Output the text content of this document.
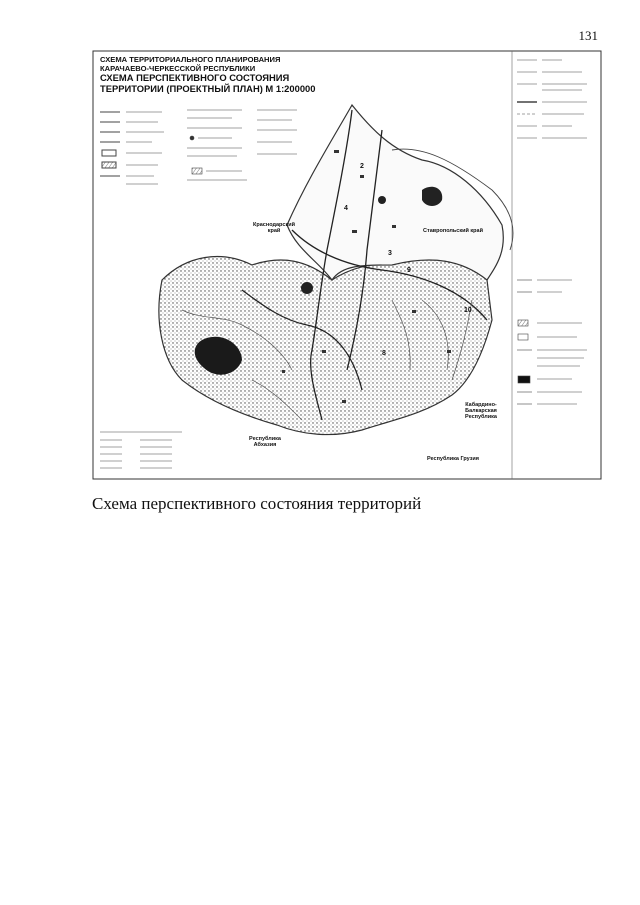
131
2
4
3
9
10
8
СХЕМА ТЕРРИТОРИАЛЬНОГО ПЛАНИРОВАНИЯ
КАРАЧАЕВО-ЧЕРКЕССКОЙ РЕСПУБЛИКИ
СХЕМА ПЕРСПЕКТИВНОГО СОСТОЯНИЯ
ТЕРРИТОРИИ (ПРОЕКТНЫЙ ПЛАН) М 1:200000
Краснодарский край	Ставропольский край
Кабардино-
Балкарская
Республика
Республика
Абхазия
Республика Грузия
Схема перспективного состояния территорий
